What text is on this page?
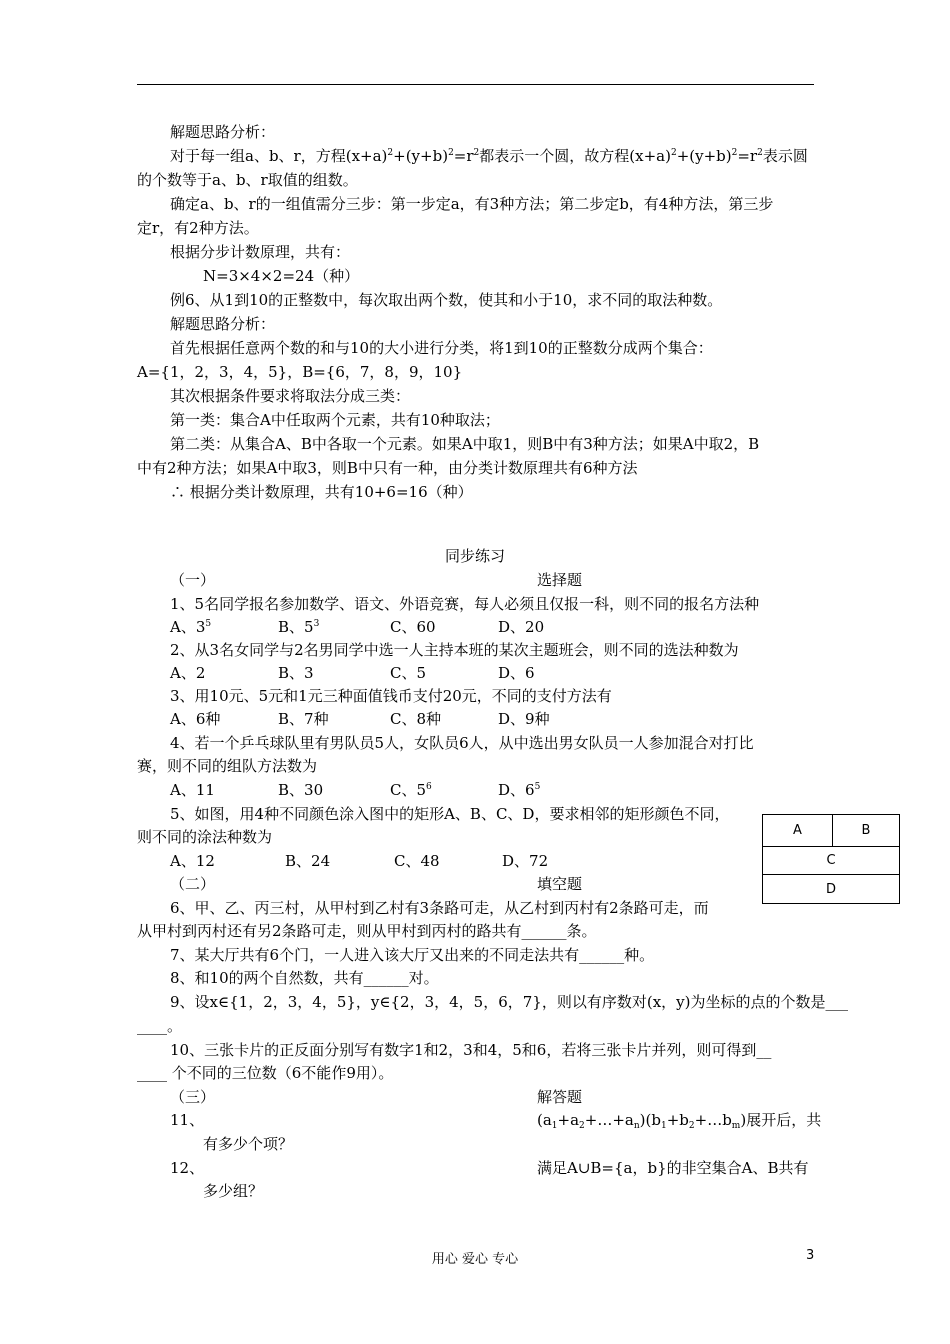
解题思路分析：
对于每一组a、b、r，方程$(x+a)^2+(y+b)^2=r^2$都表示一个圆，故方程$(x+a)^2+(y+b)^2=r^2$表示圆
的个数等于a、b、r取值的组数。
确定a、b、r的一组值需分三步：第一步定a，有3种方法；第二步定b，有4种方法，第三步
定r，有2种方法。
根据分步计数原理，共有：
N=3×4×2=24（种）
例6、从1到10的正整数中，每次取出两个数，使其和小于10，求不同的取法种数。
解题思路分析：
首先根据任意两个数的和与10的大小进行分类，将1到10的正整数分成两个集合：
A={1，2，3，4，5}，B={6，7，8，9，10}
其次根据条件要求将取法分成三类：
第一类：集合A中任取两个元素，共有10种取法；
第二类：从集合A、B中各取一个元素。如果A中取1，则B中有3种方法；如果A中取2，B
中有2种方法；如果A中取3，则B中只有一种，由分类计数原理共有6种方法
∴ 根据分类计数原理，共有10+6=16（种）
同步练习
（一）	选择题
1、5名同学报名参加数学、语文、外语竞赛，每人必须且仅报一科，则不同的报名方法种
A、$3^5$	B、$5^3$	C、60	D、20
2、从3名女同学与2名男同学中选一人主持本班的某次主题班会，则不同的选法种数为
A、2	B、3	C、5	D、6
3、用10元、5元和1元三种面值钱币支付20元，不同的支付方法有
A、6种	B、7种	C、8种	D、9种
4、若一个乒乓球队里有男队员5人，女队员6人，从中选出男女队员一人参加混合对打比
赛，则不同的组队方法数为
A、11	B、30	C、$5^6$	D、$6^5$
5、如图，用4种不同颜色涂入图中的矩形A、B、C、D，要求相邻的矩形颜色不同，
则不同的涂法种数为
A、12	B、24	C、48	D、72
A	B
C
D
（二）	填空题
6、甲、乙、丙三村，从甲村到乙村有3条路可走，从乙村到丙村有2条路可走，而
从甲村到丙村还有另2条路可走，则从甲村到丙村的路共有______条。
7、某大厅共有6个门，一人进入该大厅又出来的不同走法共有______种。
8、和10的两个自然数，共有______对。
9、设x∈{1，2，3，4，5}，y∈{2，3，4，5，6，7}，则以有序数对(x，y)为坐标的点的个数是___
____。
10、三张卡片的正反面分别写有数字1和2，3和4，5和6，若将三张卡片并列，则可得到__
____ 个不同的三位数（6不能作9用）。
（三）	解答题
11、	$(a_1+a_2+\dots+a_n)(b_1+b_2+\dots b_m)$展开后，共
有多少个项？
12、	满足A∪B={a，b}的非空集合A、B共有
多少组？
用心 爱心 专心	3
